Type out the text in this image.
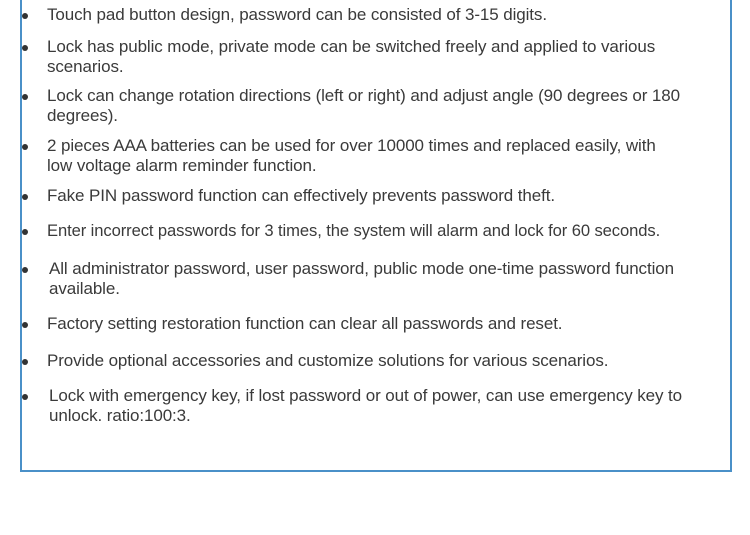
Touch pad button design, password can be consisted of 3-15 digits.
Lock has public mode, private mode can be switched freely and applied to various scenarios.
Lock can change rotation directions (left or right) and adjust angle (90 degrees or 180 degrees).
2 pieces AAA batteries can be used for over 10000 times and replaced easily, with low voltage alarm reminder function.
Fake PIN password function can effectively prevents password theft.
Enter incorrect passwords for 3 times, the system will alarm and lock for 60 seconds.
All administrator password, user password, public mode one-time password function available.
Factory setting restoration function can clear all passwords and reset.
Provide optional accessories and customize solutions for various scenarios.
Lock with emergency key, if lost password or out of power, can use emergency key to unlock. ratio:100:3.
